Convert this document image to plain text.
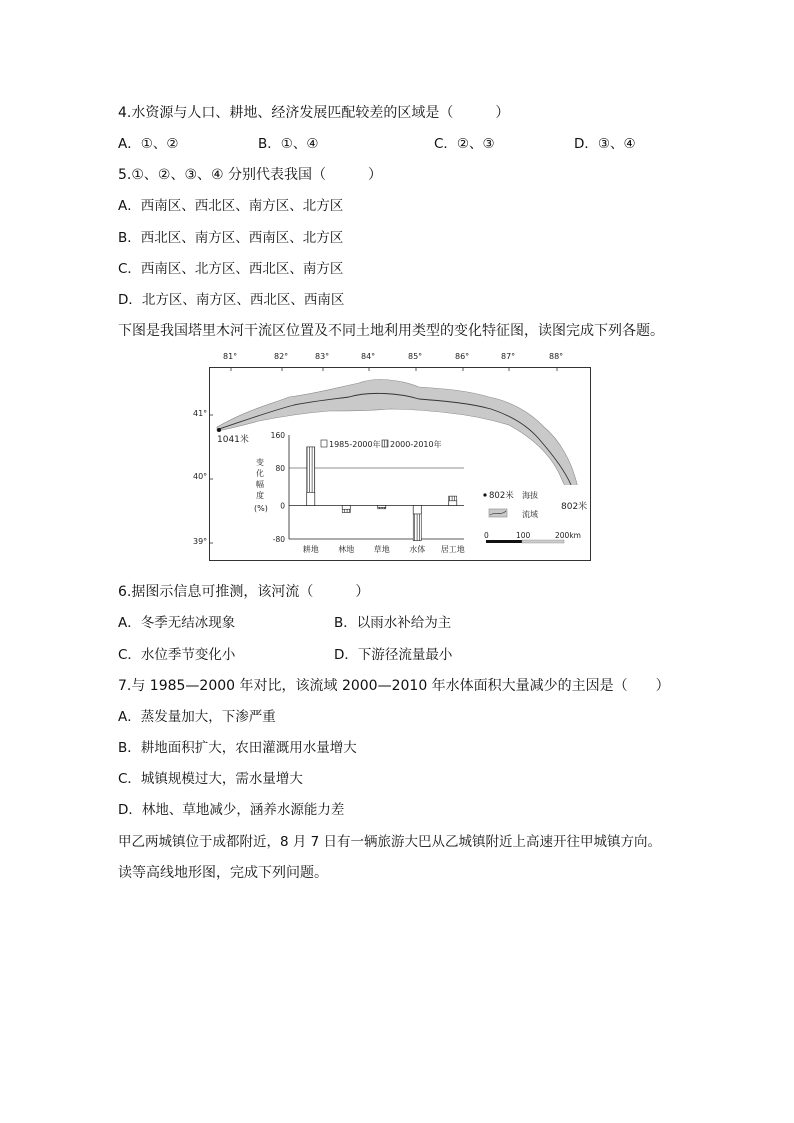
4.水资源与人口、耕地、经济发展匹配较差的区域是（　　　）
A．①、②	B．①、④	C．②、③	D．③、④
5.①、②、③、④ 分别代表我国（　　　）
A．西南区、西北区、南方区、北方区
B．西北区、南方区、西南区、北方区
C．西南区、北方区、西北区、南方区
D．北方区、南方区、西北区、西南区
下图是我国塔里木河干流区位置及不同土地利用类型的变化特征图，读图完成下列各题。
160
80
0
-80
耕地 林地 草地 水体 居工地
变
化
幅
度
(%)
1985-2000年 2000-2010年
1041米
802米
802米 海拔
流域
0	100	200km
81°	82°	83°	84°	85°	86°	87°	88°
41°
40°
39°
6.据图示信息可推测，该河流（　　　）
A．冬季无结冰现象	B．以雨水补给为主
C．水位季节变化小	D．下游径流量最小
7.与 1985—2000 年对比，该流域 2000—2010 年水体面积大量减少的主因是（　　）
A．蒸发量加大，下渗严重
B．耕地面积扩大，农田灌溉用水量增大
C．城镇规模过大，需水量增大
D．林地、草地减少，涵养水源能力差
甲乙两城镇位于成都附近，8 月 7 日有一辆旅游大巴从乙城镇附近上高速开往甲城镇方向。
读等高线地形图，完成下列问题。
